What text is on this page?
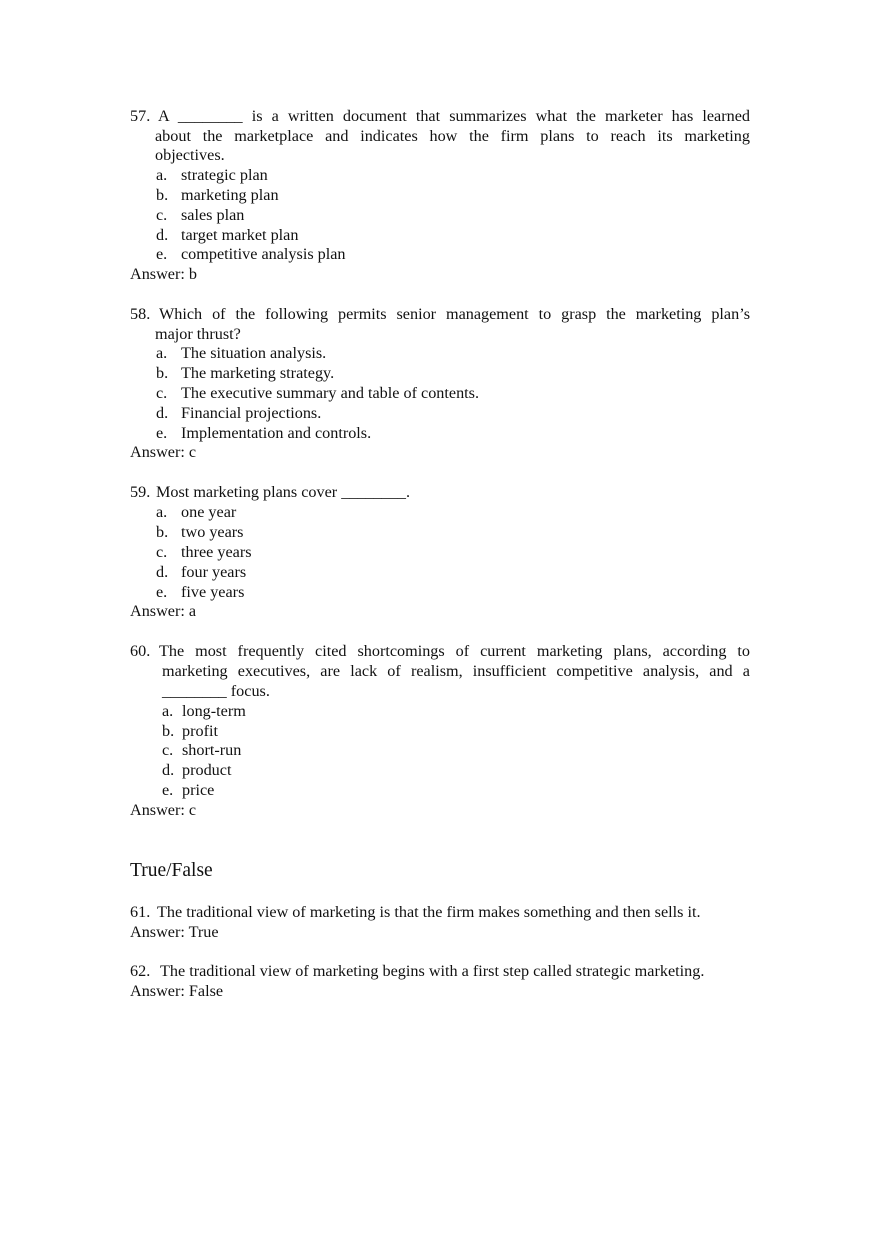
57. A ________ is a written document that summarizes what the marketer has learned
about the marketplace and indicates how the firm plans to reach its marketing
objectives.
a. strategic plan
b. marketing plan
c. sales plan
d. target market plan
e. competitive analysis plan
Answer: b
58. Which of the following permits senior management to grasp the marketing plan’s
major thrust?
a. The situation analysis.
b. The marketing strategy.
c. The executive summary and table of contents.
d. Financial projections.
e. Implementation and controls.
Answer: c
59. Most marketing plans cover ________.
a. one year
b. two years
c. three years
d. four years
e. five years
Answer: a
60. The most frequently cited shortcomings of current marketing plans, according to
marketing executives, are lack of realism, insufficient competitive analysis, and a
________ focus.
a. long-term
b. profit
c. short-run
d. product
e. price
Answer: c
True/False
61. The traditional view of marketing is that the firm makes something and then sells it.
Answer: True
62. The traditional view of marketing begins with a first step called strategic marketing.
Answer: False
